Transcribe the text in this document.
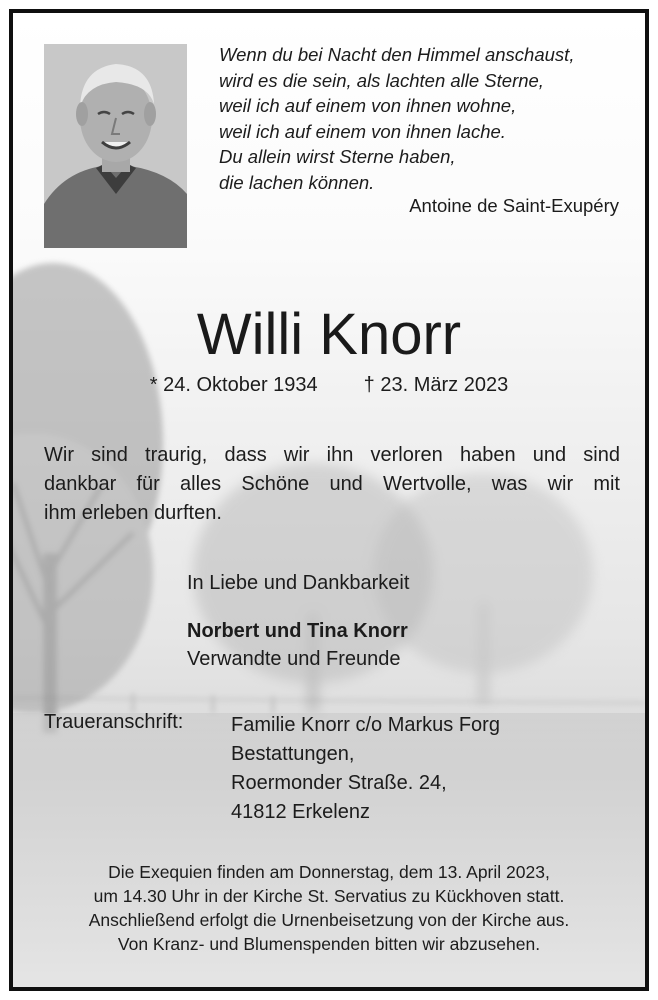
Wenn du bei Nacht den Himmel anschaust,
wird es die sein, als lachten alle Sterne,
weil ich auf einem von ihnen wohne,
weil ich auf einem von ihnen lache.
Du allein wirst Sterne haben,
die lachen können.
Antoine de Saint-Exupéry
Willi Knorr
* 24. Oktober 1934 † 23. März 2023
Wir sind traurig, dass wir ihn verloren haben und sind
dankbar für alles Schöne und Wertvolle, was wir mit
ihm erleben durften.
In Liebe und Dankbarkeit
Norbert und Tina Knorr
Verwandte und Freunde
Traueranschrift: Familie Knorr c/o Markus Forg
Bestattungen,
Roermonder Straße. 24,
41812 Erkelenz
Die Exequien finden am Donnerstag, dem 13. April 2023,
um 14.30 Uhr in der Kirche St. Servatius zu Kückhoven statt.
Anschließend erfolgt die Urnenbeisetzung von der Kirche aus.
Von Kranz- und Blumenspenden bitten wir abzusehen.
